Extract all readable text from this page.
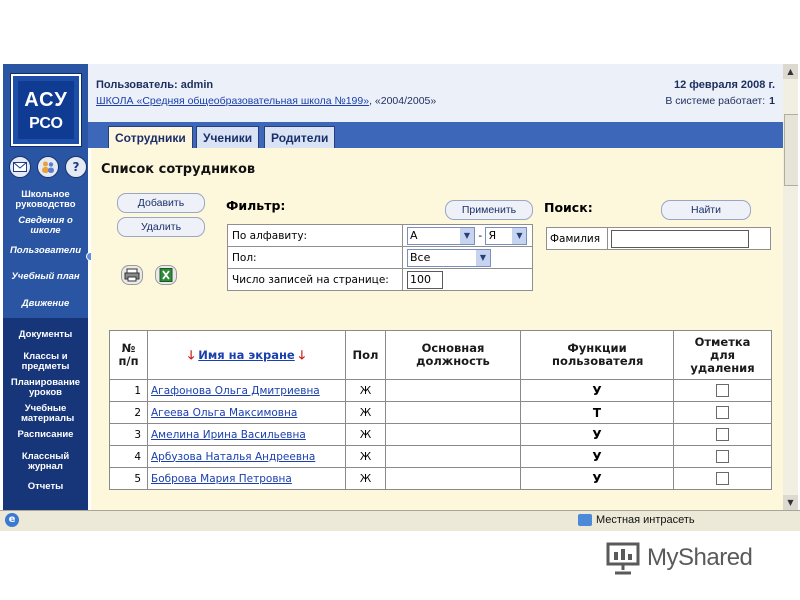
АСУ
РСО
?
Школьное руководство
Сведения о школе
Пользователи
Учебный план
Движение
Документы
Классы и предметы
Планирование уроков
Учебные материалы
Расписание
Классный журнал
Отчеты
Пользователь: admin
ШКОЛА «Средняя общеобразовательная школа №199», «2004/2005»
12 февраля 2008 г.
В системе работает: 1
Сотрудники	Ученики	Родители
Список сотрудников
Добавить
Удалить
Фильтр:	Применить
По алфавиту:	А ▼ - Я ▼

Пол:	Все ▼

Число записей на странице:	100
Поиск:	Найти
Фамилия	
№ п/п	🡓 Имя на экране 🡓	Пол	Основная должность	Функции пользователя	Отметка для удаления
1	Агафонова Ольга Дмитриевна	Ж		У	
2	Агеева Ольга Максимовна	Ж		Т	
3	Амелина Ирина Васильевна	Ж		У	
4	Арбузова Наталья Андреевна	Ж		У	
5	Боброва Мария Петровна	Ж		У	
▲
▼
e	Местная интрасеть
MyShared
